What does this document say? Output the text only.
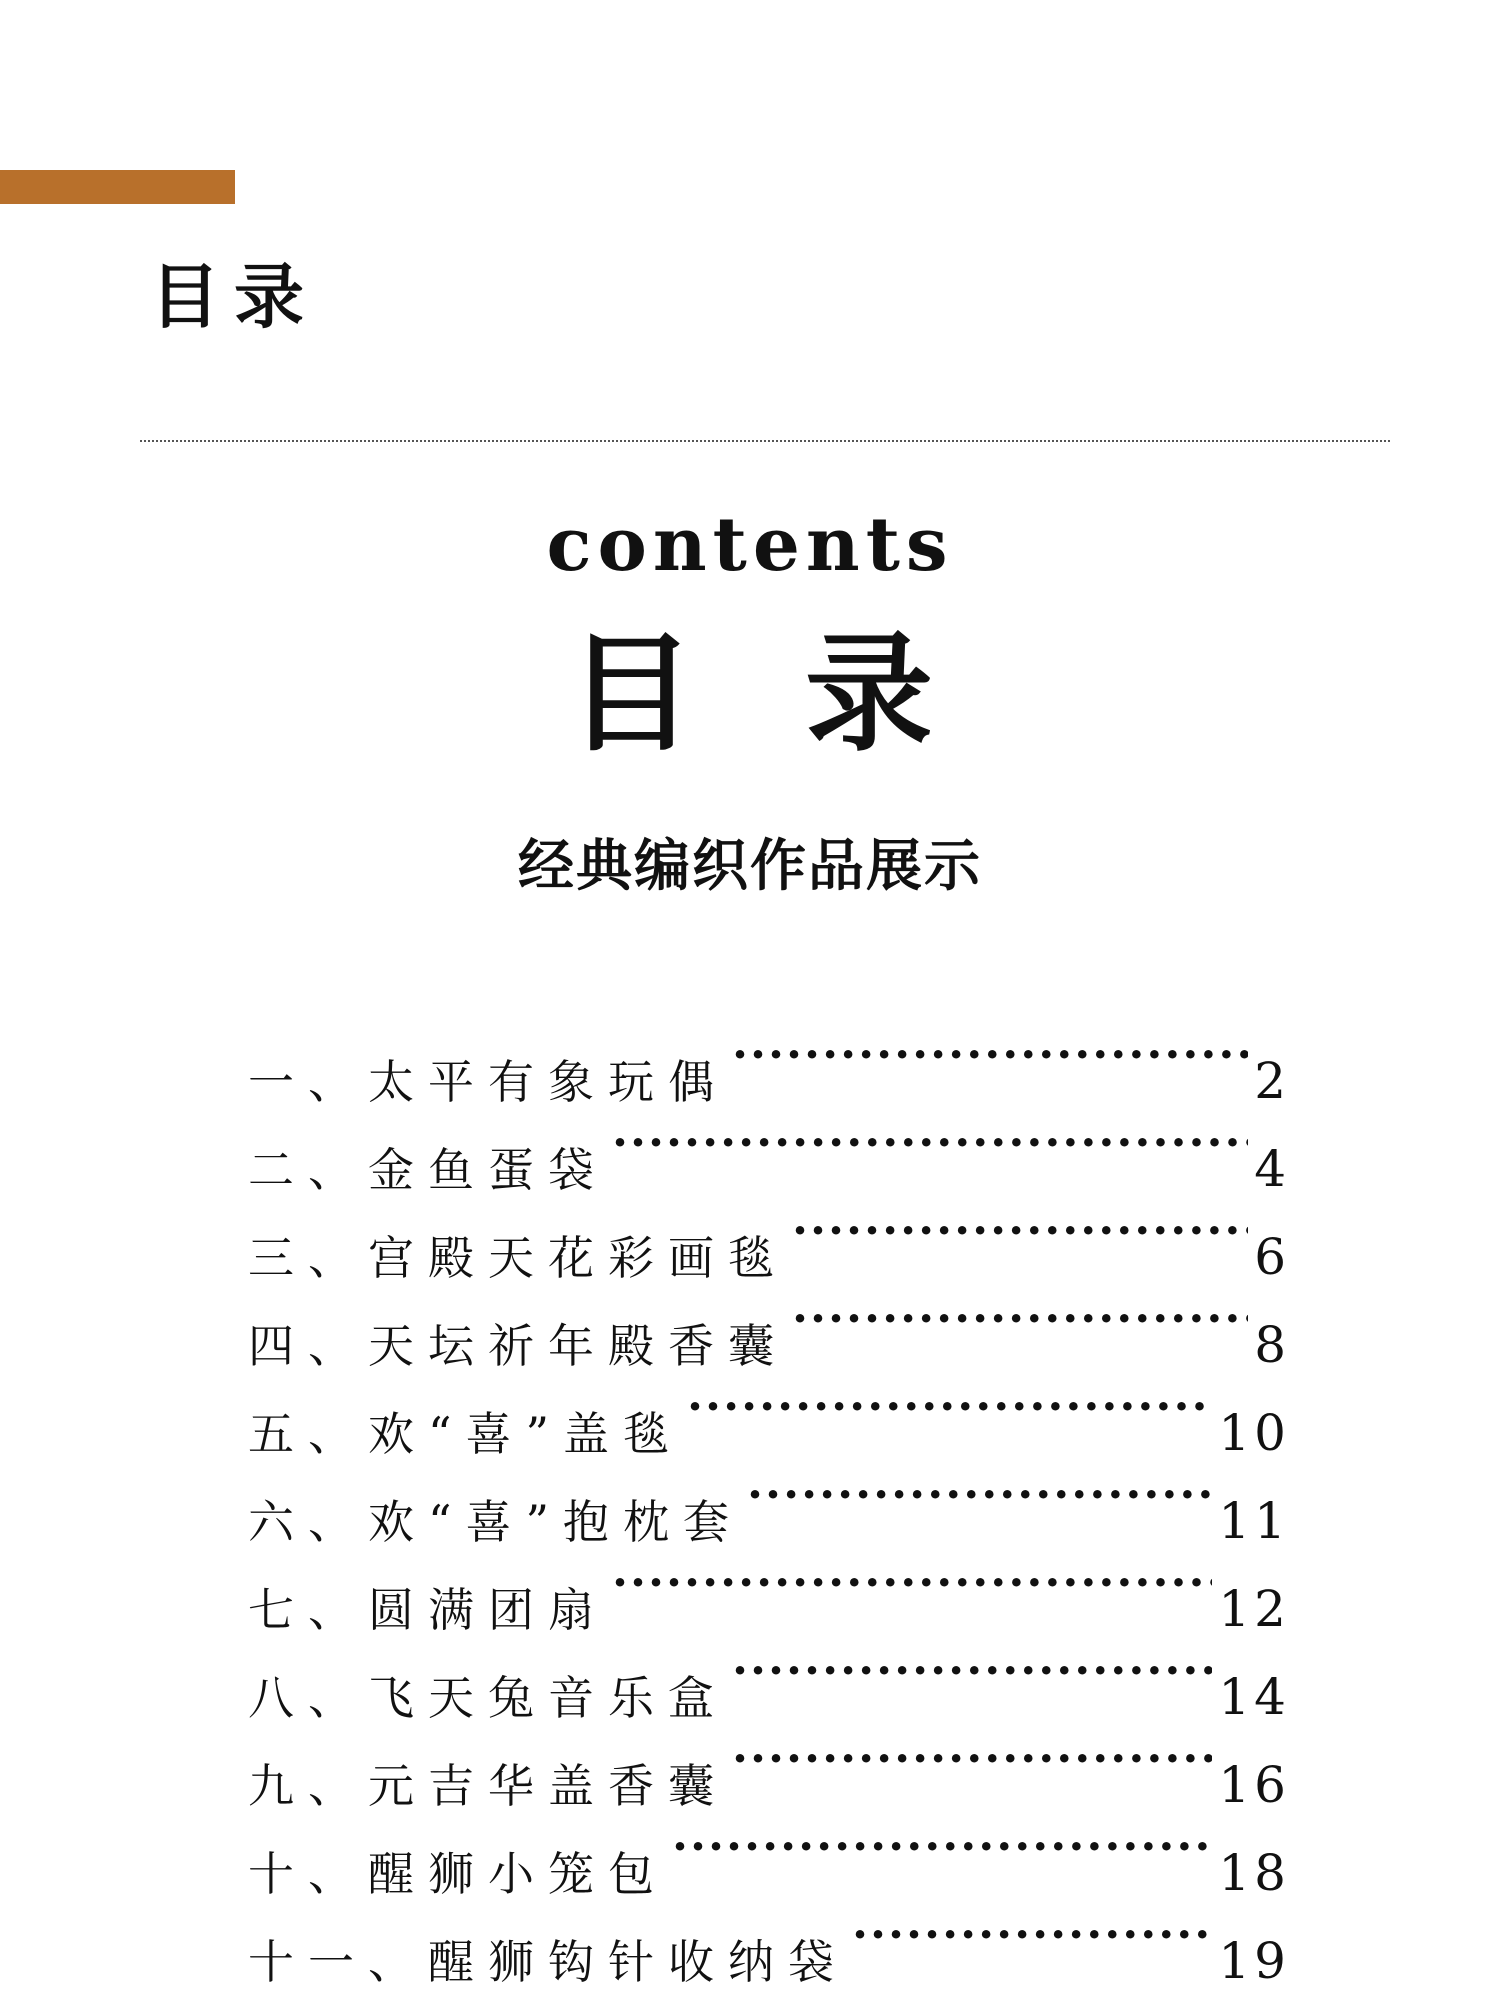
目录
contents
目录
经典编织作品展示
一、太平有象玩偶 ·····	2
二、金鱼蛋袋 ·····	4
三、宫殿天花彩画毯 ·····	6
四、天坛祈年殿香囊 ·····	8
五、欢“喜”盖毯 ·····	10
六、欢“喜”抱枕套 ·····	11
七、圆满团扇 ·····	12
八、飞天兔音乐盒 ·····	14
九、元吉华盖香囊 ·····	16
十、醒狮小笼包 ·····	18
十一、醒狮钩针收纳袋 ·····	19
